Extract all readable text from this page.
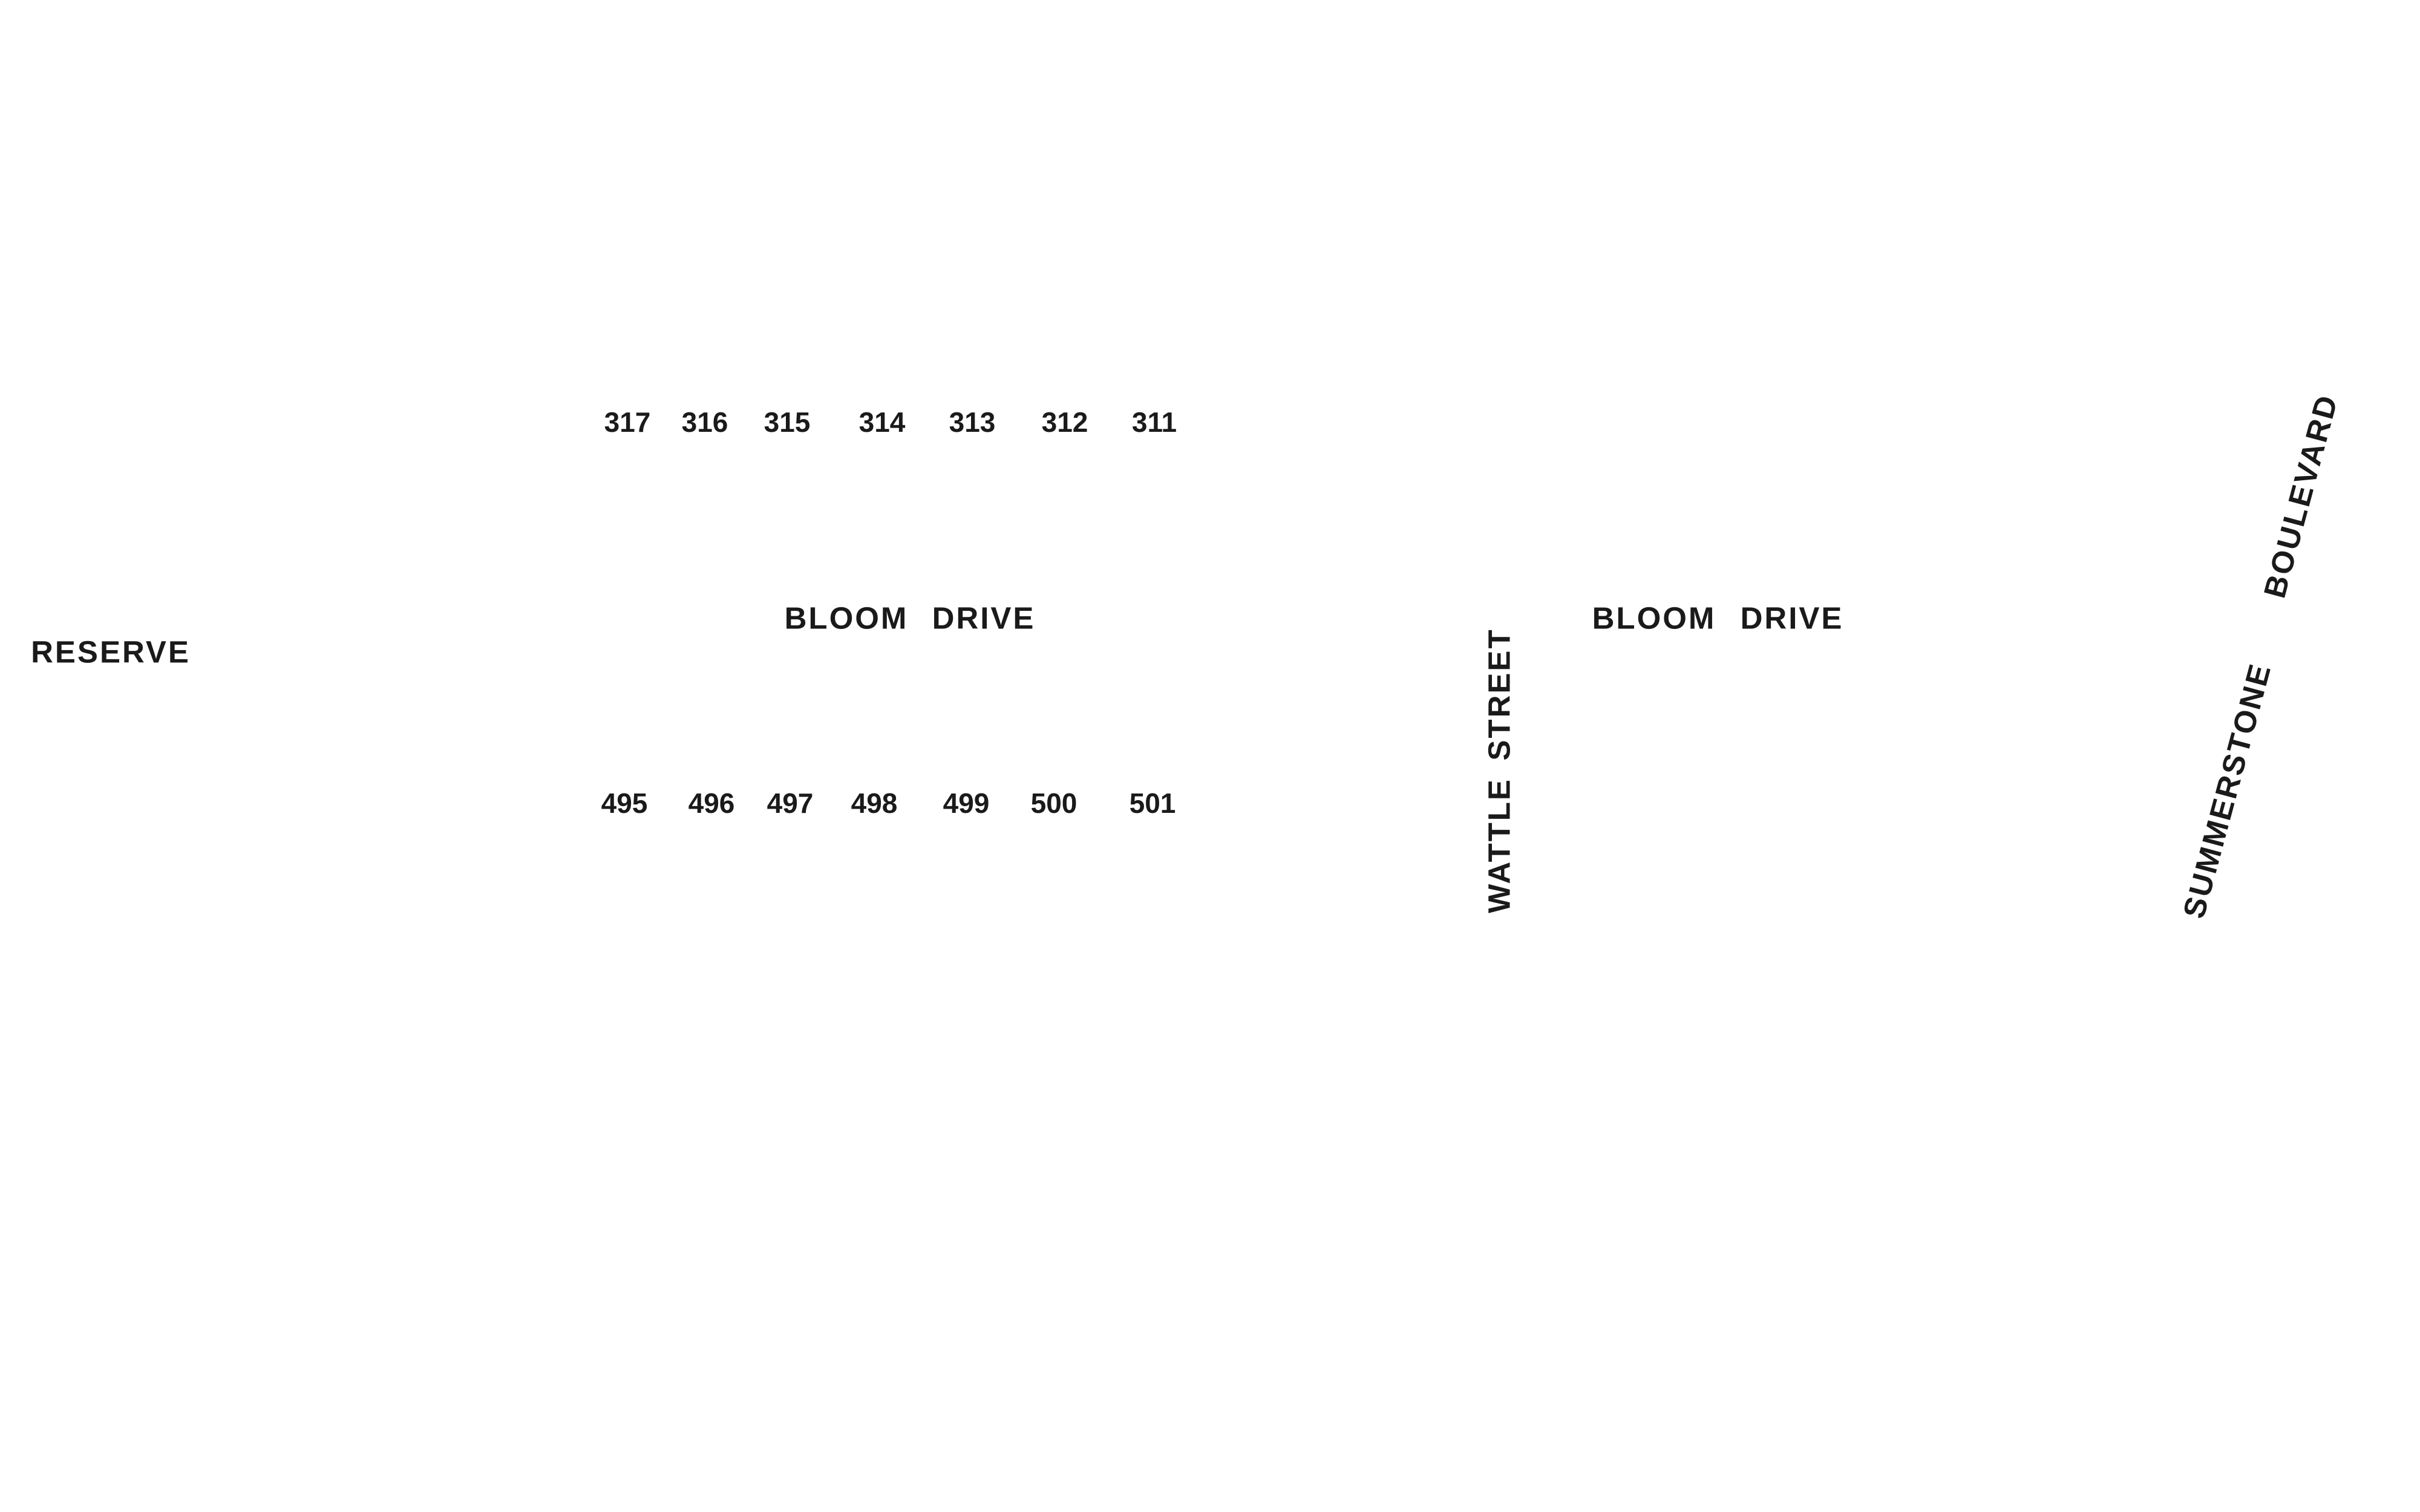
317 316 315 314 313 312 311
495 496 497 498 499 500 501
RESERVE
BLOOM DRIVE	BLOOM DRIVE
WATTLE
STREET	SUMMERSTONE
BOULEVARD
